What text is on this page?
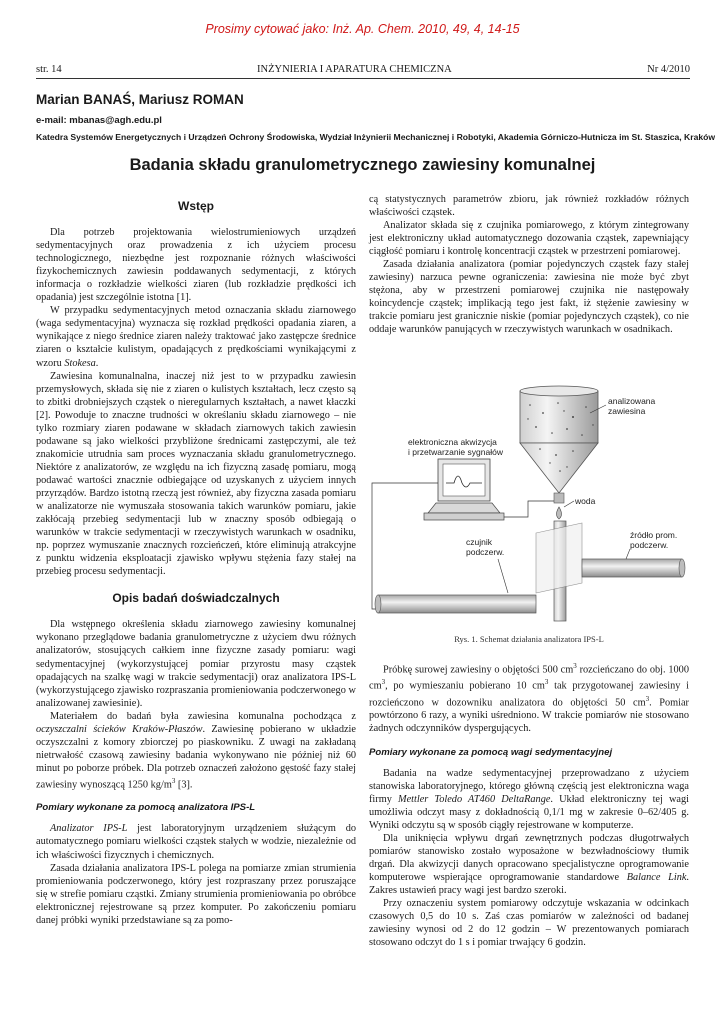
Prosimy cytować jako: Inż. Ap. Chem. 2010, 49, 4, 14-15
str. 14	INŻYNIERIA I APARATURA CHEMICZNA	Nr 4/2010
Marian BANAŚ, Mariusz ROMAN
e-mail: mbanas@agh.edu.pl
Katedra Systemów Energetycznych i Urządzeń Ochrony Środowiska, Wydział Inżynierii Mechanicznej i Robotyki, Akademia Górniczo-Hutnicza im St. Staszica, Kraków
Badania składu granulometrycznego zawiesiny komunalnej
Wstęp

Dla potrzeb projektowania wielostrumieniowych urządzeń sedymentacyjnych oraz prowadzenia z ich użyciem procesu technologicznego, niezbędne jest rozpoznanie różnych właściwości fizykochemicznych zawiesin poddawanych sedymentacji, z których informacja o rozkładzie wielkości ziaren (lub rozkładzie prędkości ich opadania) jest szczególnie istotna [1].

W przypadku sedymentacyjnych metod oznaczania składu ziarnowego (waga sedymentacyjna) wyznacza się rozkład prędkości opadania ziaren, a wynikające z niego średnice ziaren należy traktować jako zastępcze średnice ziaren o kształcie kulistym, opadających z prędkościami wynikającymi z wzoru Stokesa.

Zawiesina komunalnalna, inaczej niż jest to w przypadku zawiesin przemysłowych, składa się nie z ziaren o kulistych kształtach, lecz często są to zbitki drobniejszych cząstek o nieregularnych kształtach, a nawet kłaczki [2]. Powoduje to znaczne trudności w określaniu składu ziarnowego – nie tylko rozmiary ziaren podawane w składach ziarnowych takich zawiesin podawane są jako wielkości przybliżone średnicami zastępczymi, ale też znakomicie utrudnia sam proces wyznaczania składu granulometrycznego. Niektóre z analizatorów, ze względu na ich fizyczną zasadę pomiaru, mogą podawać wartości znacznie odbiegające od uzyskanych z użyciem innych przyrządów. Bardzo istotną rzeczą jest również, aby fizyczna zasada pomiaru w analizatorze nie wymuszała stosowania takich warunków pomiaru, jakie zakłócają przebieg sedymentacji lub w znaczny sposób odbiegają o warunków w trakcie sedymentacji w rzeczywistych warunkach w osadniku, np. poprzez wymuszanie znacznych rozcieńczeń, które eliminują atrakcyjne z punktu widzenia eksploatacji zjawisko wpływu stężenia fazy stałej na przebieg procesu sedymentacji.

Opis badań doświadczalnych

Dla wstępnego określenia składu ziarnowego zawiesiny komunalnej wykonano przeglądowe badania granulometryczne z użyciem dwu różnych analizatorów, stosujących całkiem inne fizyczne zasady pomiaru: wagi sedymentacyjnej (wykorzystującej pomiar przyrostu masy cząstek opadających na szalkę wagi w trakcie sedymentacji) oraz analizatora IPS-L (wykorzystującego zjawisko rozpraszania promieniowania podczerwonego w analizowanej zawiesinie).

Materiałem do badań była zawiesina komunalna pochodząca z oczyszczalni ścieków Kraków-Płaszów. Zawiesinę pobierano w układzie oczyszczalni z komory zbiorczej po piaskowniku. Z uwagi na zakładaną nietrwałość czasową zawiesiny badania wykonywano nie później niż 60 minut po poborze próbek. Dla potrzeb oznaczeń założono gęstość fazy stałej zawiesiny wynoszącą 1250 $kg/m^3$ [3].

Pomiary wykonane za pomocą analizatora IPS-L

Analizator IPS-L jest laboratoryjnym urządzeniem służącym do automatycznego pomiaru wielkości cząstek stałych w wodzie, niezależnie od ich właściwości fizycznych i chemicznych.

Zasada działania analizatora IPS-L polega na pomiarze zmian strumienia promieniowania podczerwonego, który jest rozpraszany przez poruszające się w strefie pomiaru cząstki. Zmiany strumienia promieniowania po obróbce elektronicznej rejestrowane są przez komputer. Po zakończeniu pomiaru danej próbki wyniki przedstawiane są za pomo-

cą statystycznych parametrów zbioru, jak również rozkładów różnych właściwości cząstek.

Analizator składa się z czujnika pomiarowego, z którym zintegrowany jest elektroniczny układ automatycznego dozowania cząstek, zapewniający ciągłość pomiaru i kontrolę koncentracji cząstek w przestrzeni pomiarowej.

Zasada działania analizatora (pomiar pojedynczych cząstek fazy stałej zawiesiny) narzuca pewne ograniczenia: zawiesina nie może być zbyt stężona, aby w przestrzeni pomiarowej czujnika nie następowały koincydencje cząstek; implikacją tego jest fakt, iż stężenie zawiesiny w trakcie pomiaru jest granicznie niskie (pomiar pojedynczych cząstek), co nie oddaje warunków panujących w rzeczywistych warunkach w osadnikach.

analizowana
zawiesina
elektroniczna akwizycja
i przetwarzanie sygnałów
woda
czujnik
podczerw.
źródło prom.
podczerw.
Rys. 1. Schemat działania analizatora IPS-L

Próbkę surowej zawiesiny o objętości 500 $cm^3$ rozcieńczano do obj. 1000 $cm^3$, po wymieszaniu pobierano 10 $cm^3$ tak przygotowanej zawiesiny i rozcieńczono w dozowniku analizatora do objętości 50 $cm^3$. Pomiar powtórzono 6 razy, a wyniki uśredniono. W trakcie pomiarów nie stosowano żadnych odczynników dyspergujących.

Pomiary wykonane za pomocą wagi sedymentacyjnej

Badania na wadze sedymentacyjnej przeprowadzano z użyciem stanowiska laboratoryjnego, którego główną częścią jest elektroniczna waga firmy Mettler Toledo AT460 DeltaRange. Układ elektroniczny tej wagi umożliwia odczyt masy z dokładnością 0,1/1 mg w zakresie 0–62/405 g. Wyniki odczytu są w sposób ciągły rejestrowane w komputerze.

Dla uniknięcia wpływu drgań zewnętrznych podczas długotrwałych pomiarów stanowisko zostało wyposażone w bezwładnościowy tłumik drgań. Dla akwizycji danych opracowano specjalistyczne oprogramowanie komputerowe wspierające oprogramowanie standardowe Balance Link. Zakres ustawień pracy wagi jest bardzo szeroki.

Przy oznaczeniu system pomiarowy odczytuje wskazania w odcinkach czasowych 0,5 do 10 s. Zaś czas pomiarów w zależności od badanej zawiesiny wynosi od 2 do 12 godzin – W prezentowanych pomiarach stosowano odczyt do 1 s i pomiar trwający 6 godzin.
